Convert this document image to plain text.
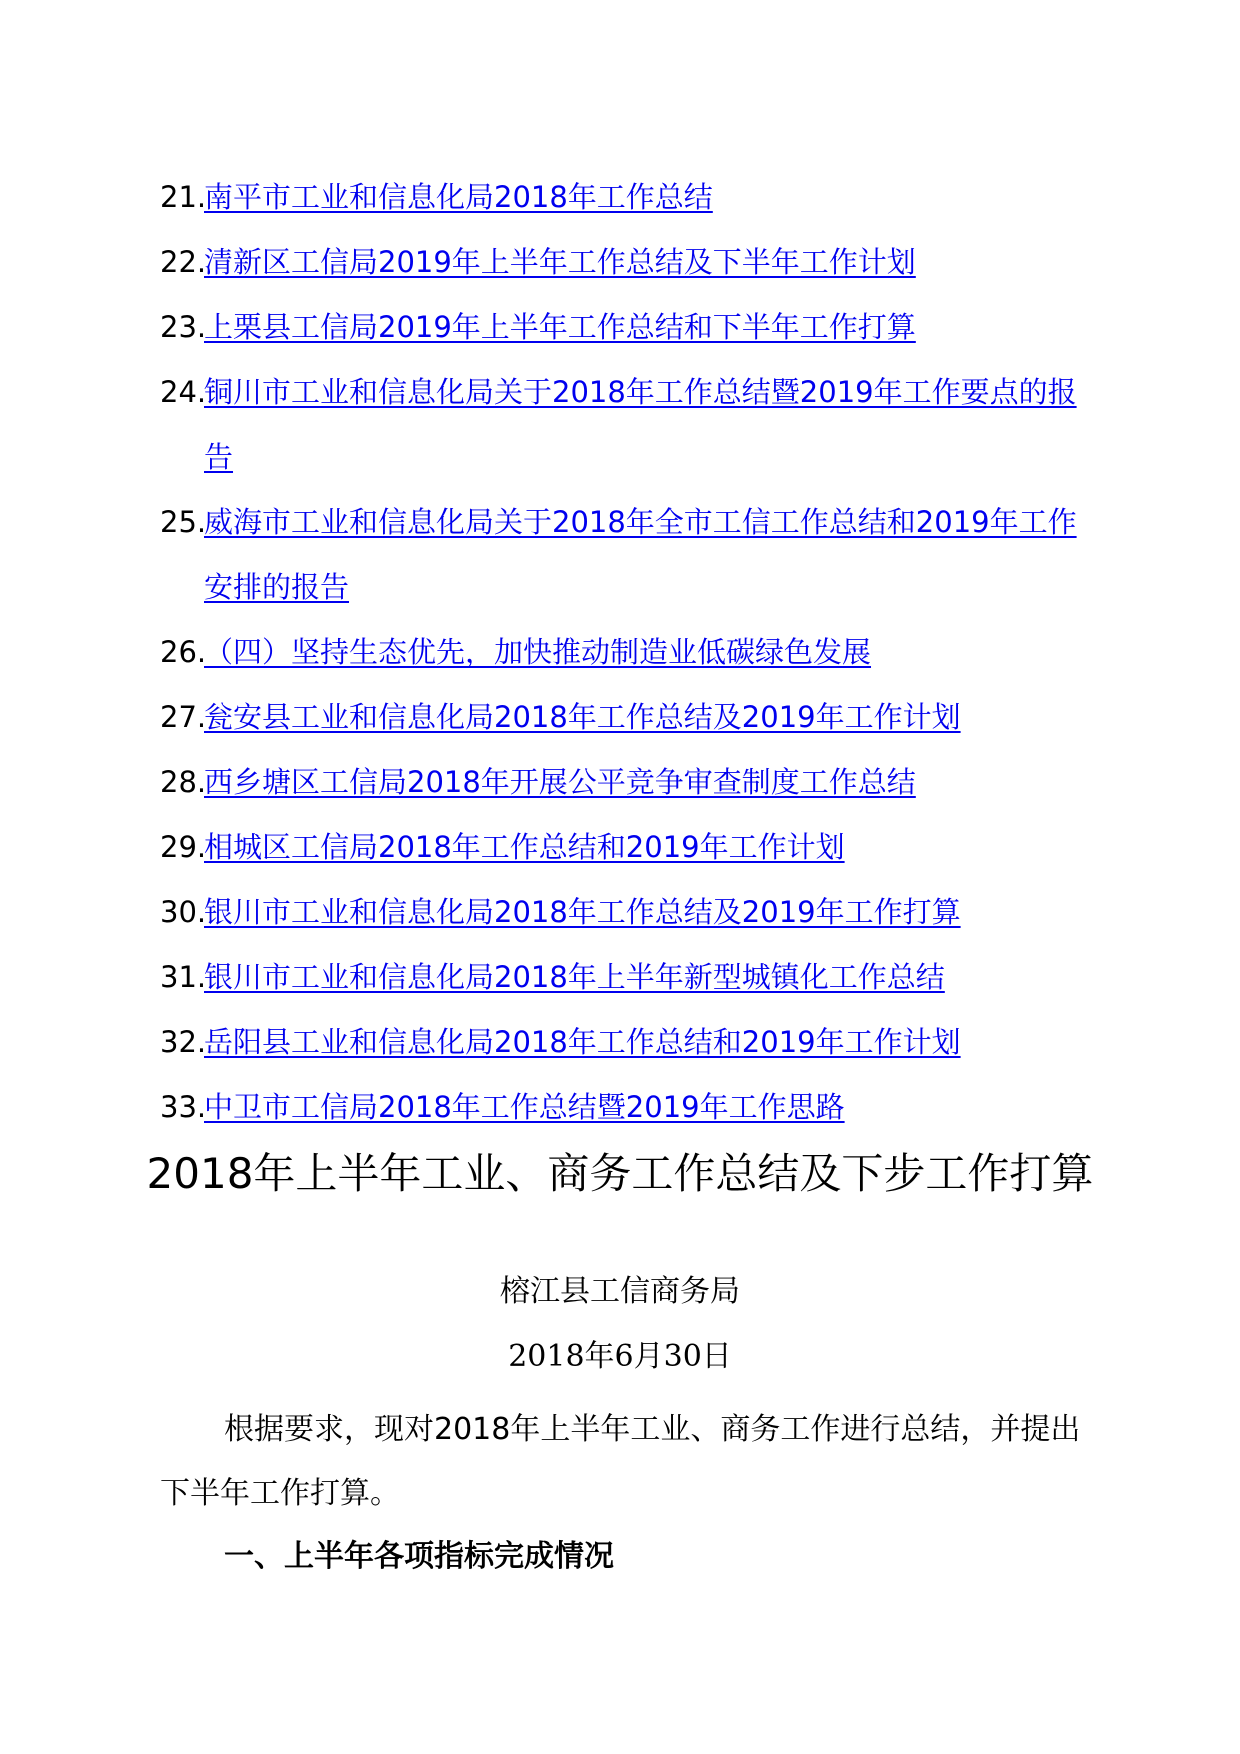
21.
南平市工业和信息化局2018年工作总结
22.
清新区工信局2019年上半年工作总结及下半年工作计划
23.
上栗县工信局2019年上半年工作总结和下半年工作打算
24.
铜川市工业和信息化局关于2018年工作总结暨2019年工作要点的报告
25.
威海市工业和信息化局关于2018年全市工信工作总结和2019年工作安排的报告
26.
（四）坚持生态优先，加快推动制造业低碳绿色发展
27.
瓮安县工业和信息化局2018年工作总结及2019年工作计划
28.
西乡塘区工信局2018年开展公平竞争审查制度工作总结
29.
相城区工信局2018年工作总结和2019年工作计划
30.
银川市工业和信息化局2018年工作总结及2019年工作打算
31.
银川市工业和信息化局2018年上半年新型城镇化工作总结
32.
岳阳县工业和信息化局2018年工作总结和2019年工作计划
33.
中卫市工信局2018年工作总结暨2019年工作思路
2018年上半年工业、商务工作总结及下步工作打算
榕江县工信商务局
2018年6月30日

根据要求，现对2018年上半年工业、商务工作进行总结，并提出下半年工作打算。

一、上半年各项指标完成情况
